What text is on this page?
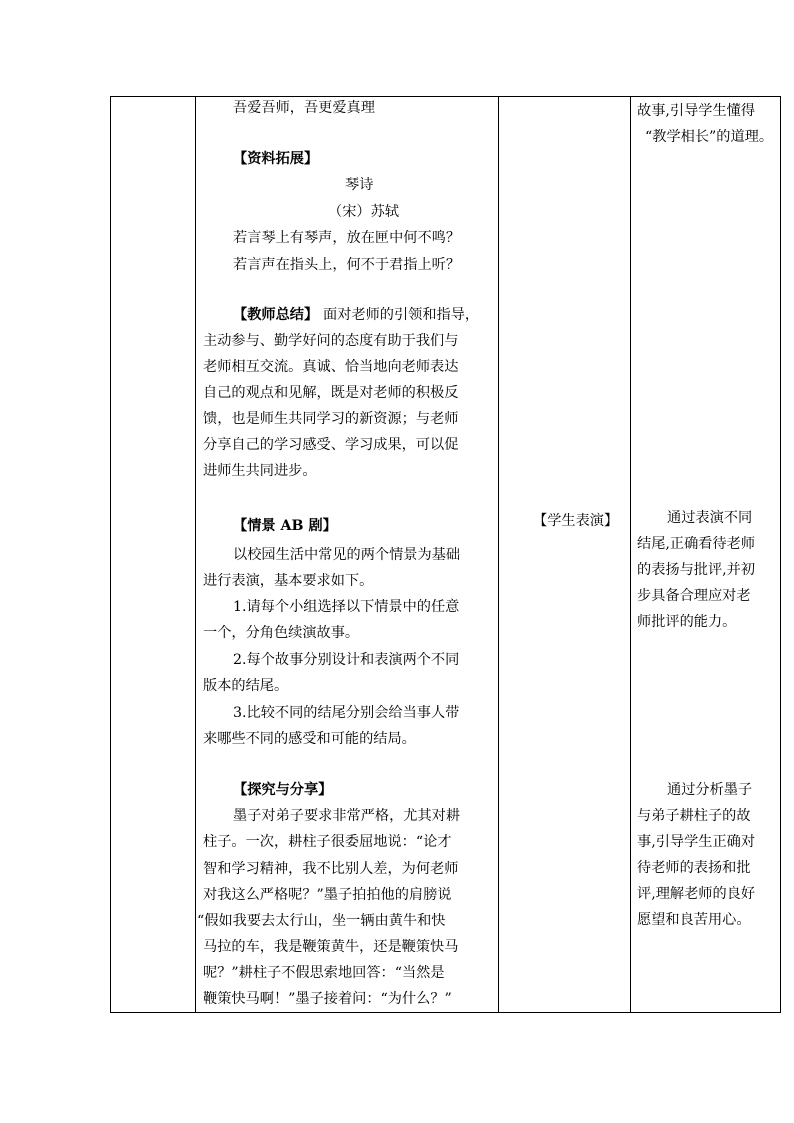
吾爱吾师，吾更爱真理
【资料拓展】
琴诗
（宋）苏轼
若言琴上有琴声，放在匣中何不鸣？
若言声在指头上，何不于君指上听？
【教师总结】 面对老师的引领和指导，
主动参与、勤学好问的态度有助于我们与
老师相互交流。真诚、恰当地向老师表达
自己的观点和见解，既是对老师的积极反
馈，也是师生共同学习的新资源；与老师
分享自己的学习感受、学习成果，可以促
进师生共同进步。
【情景 AB 剧】
以校园生活中常见的两个情景为基础
进行表演，基本要求如下。
1.请每个小组选择以下情景中的任意
一个，分角色续演故事。
2.每个故事分别设计和表演两个不同
版本的结尾。
3.比较不同的结尾分别会给当事人带
来哪些不同的感受和可能的结局。
【探究与分享】
墨子对弟子要求非常严格，尤其对耕
柱子。一次，耕柱子很委屈地说：“论才
智和学习精神，我不比别人差，为何老师
对我这么严格呢？”墨子拍拍他的肩膀说
“假如我要去太行山，坐一辆由黄牛和快
马拉的车，我是鞭策黄牛，还是鞭策快马
呢？”耕柱子不假思索地回答：“当然是
鞭策快马啊！”墨子接着问：“为什么？”
【学生表演】
故事,引导学生懂得
“教学相长”的道理。
通过表演不同
结尾,正确看待老师
的表扬与批评,并初
步具备合理应对老
师批评的能力。
通过分析墨子
与弟子耕柱子的故
事,引导学生正确对
待老师的表扬和批
评,理解老师的良好
愿望和良苦用心。
